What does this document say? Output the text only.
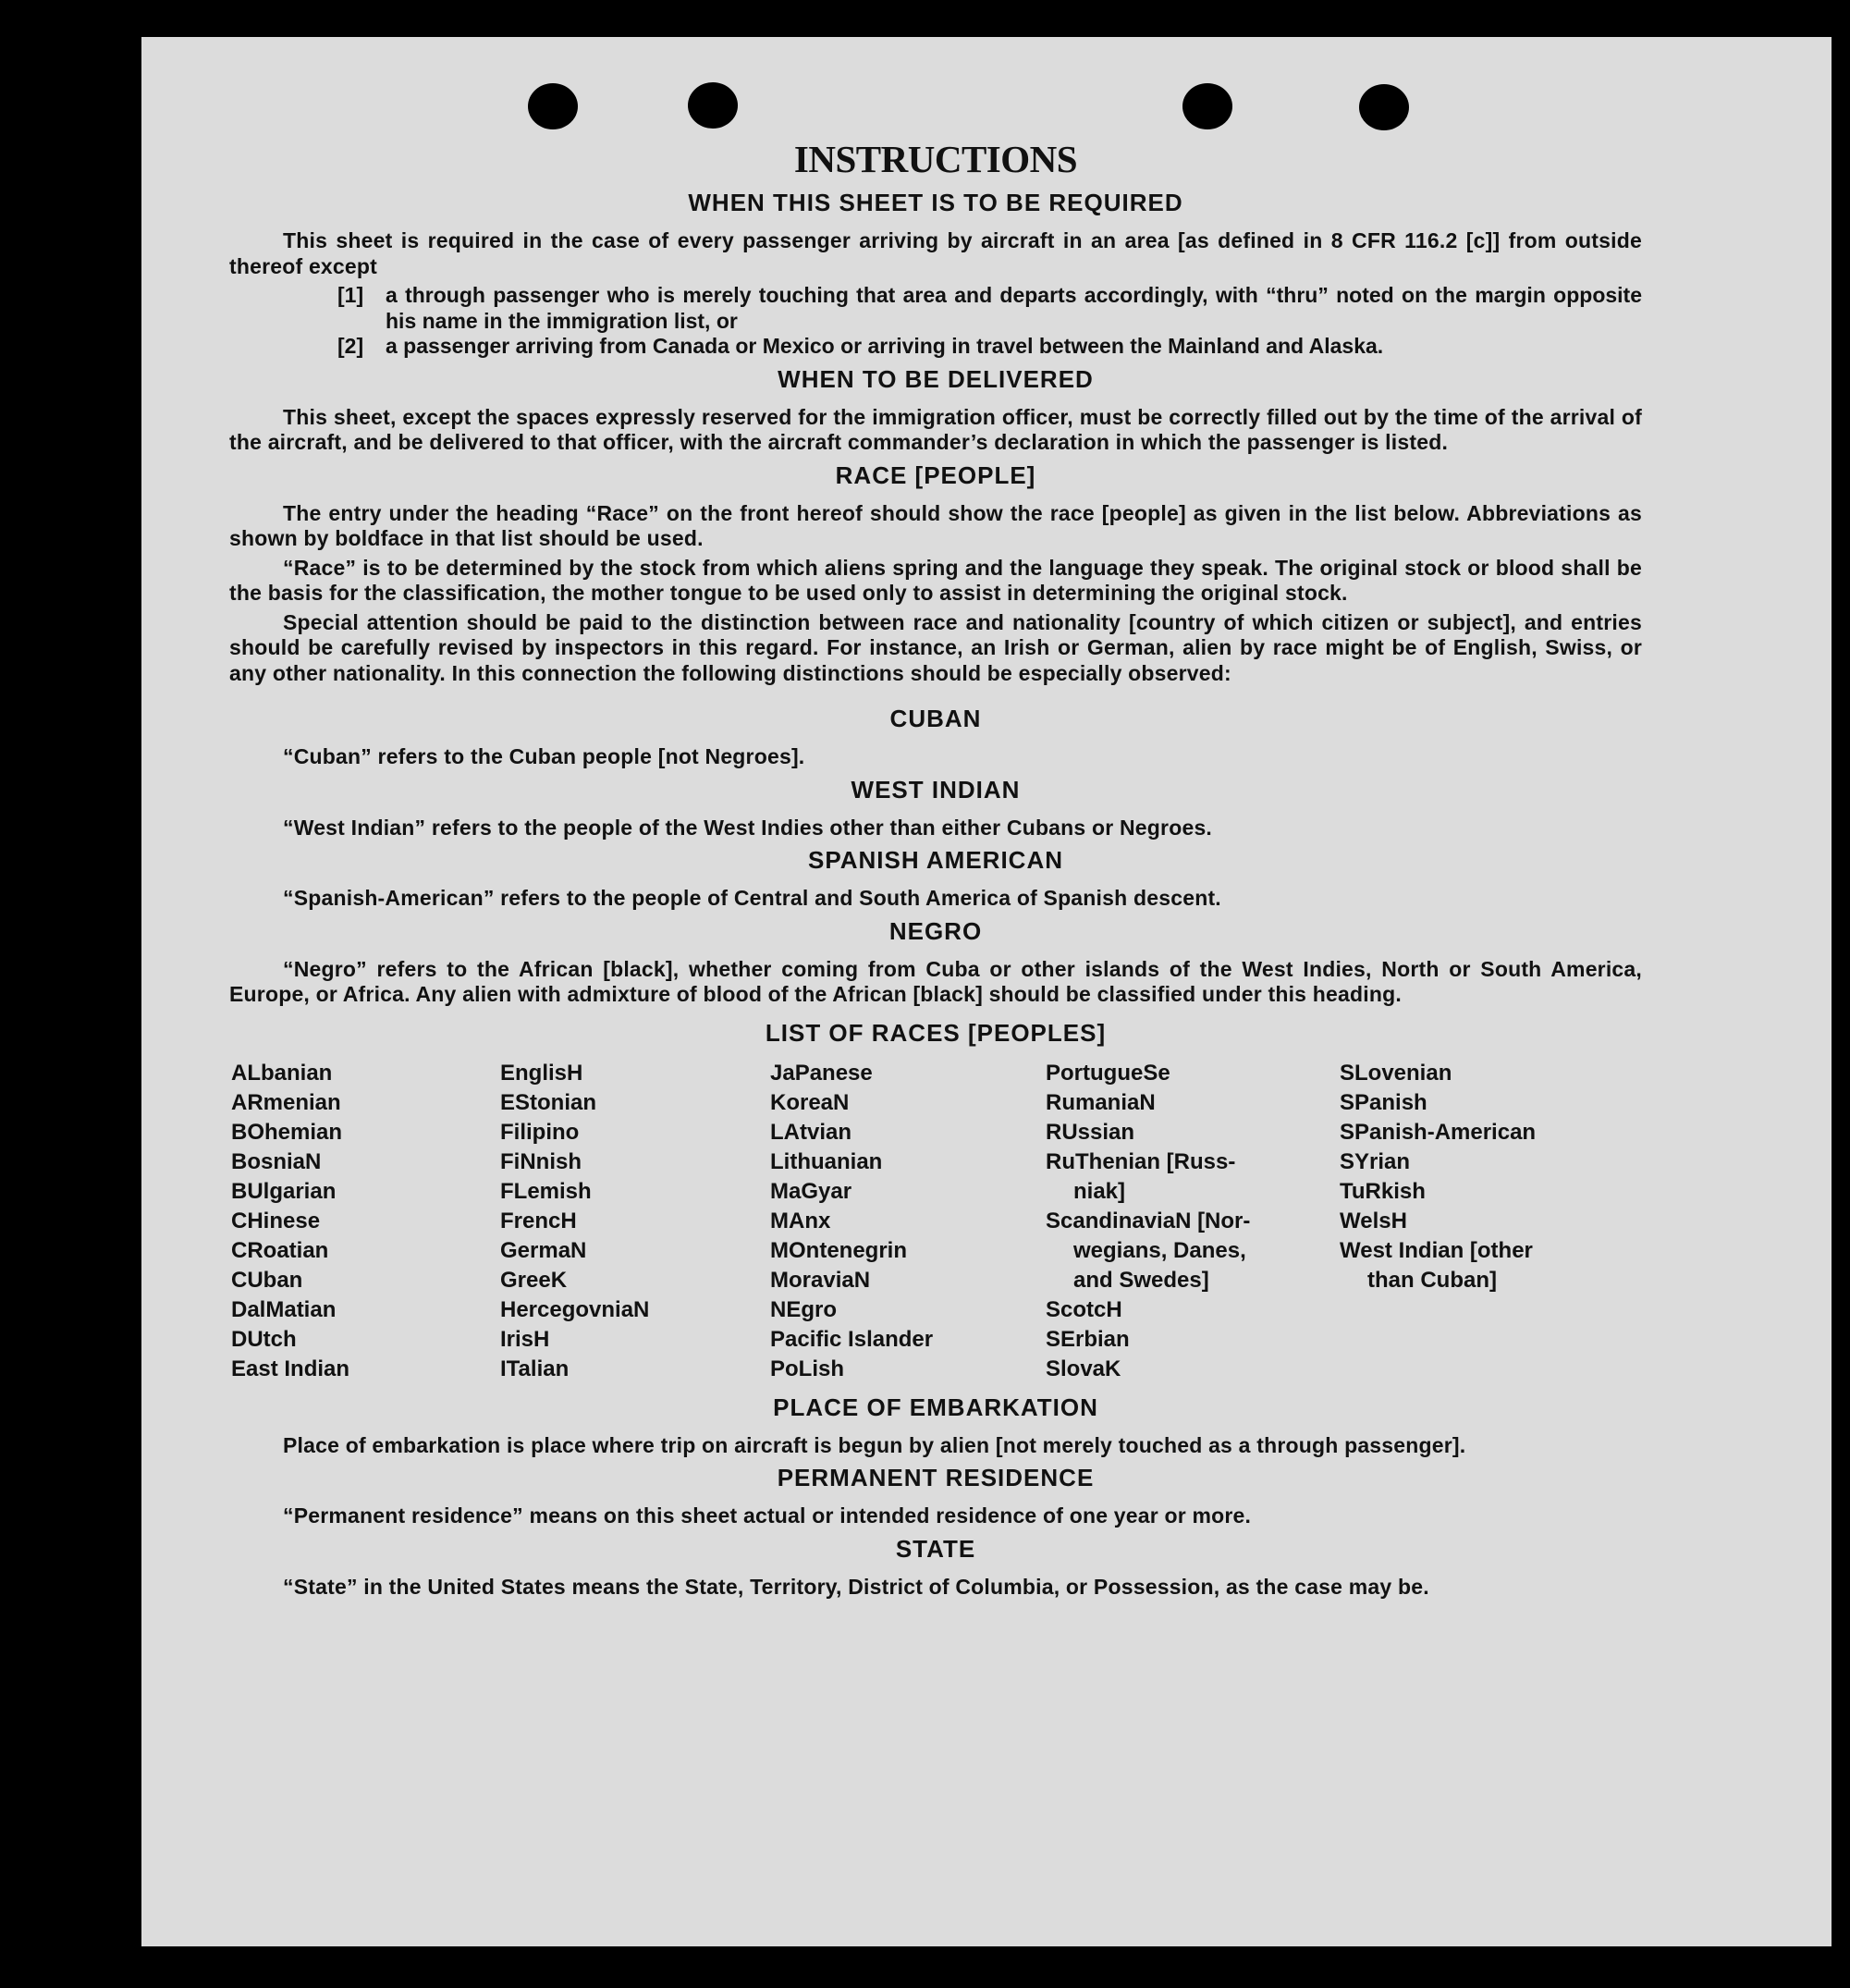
INSTRUCTIONS
WHEN THIS SHEET IS TO BE REQUIRED
This sheet is required in the case of every passenger arriving by aircraft in an area [as defined in 8 CFR 116.2 [c]] from outside thereof except
[1]	a through passenger who is merely touching that area and departs accordingly, with “thru” noted on the margin opposite his name in the immigration list, or
[2]	a passenger arriving from Canada or Mexico or arriving in travel between the Mainland and Alaska.
WHEN TO BE DELIVERED
This sheet, except the spaces expressly reserved for the immigration officer, must be correctly filled out by the time of the arrival of the aircraft, and be delivered to that officer, with the aircraft commander’s declaration in which the passenger is listed.
RACE [PEOPLE]
The entry under the heading “Race” on the front hereof should show the race [people] as given in the list below. Abbreviations as shown by boldface in that list should be used.
“Race” is to be determined by the stock from which aliens spring and the language they speak. The original stock or blood shall be the basis for the classification, the mother tongue to be used only to assist in determining the original stock.
Special attention should be paid to the distinction between race and nationality [country of which citizen or subject], and entries should be carefully revised by inspectors in this regard. For instance, an Irish or German, alien by race might be of English, Swiss, or any other nationality. In this connection the following distinctions should be especially observed:
CUBAN
“Cuban” refers to the Cuban people [not Negroes].
WEST INDIAN
“West Indian” refers to the people of the West Indies other than either Cubans or Negroes.
SPANISH AMERICAN
“Spanish-American” refers to the people of Central and South America of Spanish descent.
NEGRO
“Negro” refers to the African [black], whether coming from Cuba or other islands of the West Indies, North or South America, Europe, or Africa. Any alien with admixture of blood of the African [black] should be classified under this heading.
LIST OF RACES [PEOPLES]
ALbanian
ARmenian
BOhemian
BosniaN
BUlgarian
CHinese
CRoatian
CUban
DalMatian
DUtch
East Indian
EnglisH
EStonian
Filipino
FiNnish
FLemish
FrencH
GermaN
GreeK
HercegovniaN
IrisH
ITalian
JaPanese
KoreaN
LAtvian
Lithuanian
MaGyar
MAnx
MOntenegrin
MoraviaN
NEgro
Pacific Islander
PoLish
PortugueSe
RumaniaN
RUssian
RuThenian [Russ-
niak]
ScandinaviaN [Nor-
wegians, Danes,
and Swedes]
ScotcH
SErbian
SlovaK
SLovenian
SPanish
SPanish-American
SYrian
TuRkish
WelsH
West Indian [other
than Cuban]
PLACE OF EMBARKATION
Place of embarkation is place where trip on aircraft is begun by alien [not merely touched as a through passenger].
PERMANENT RESIDENCE
“Permanent residence” means on this sheet actual or intended residence of one year or more.
STATE
“State” in the United States means the State, Territory, District of Columbia, or Possession, as the case may be.
